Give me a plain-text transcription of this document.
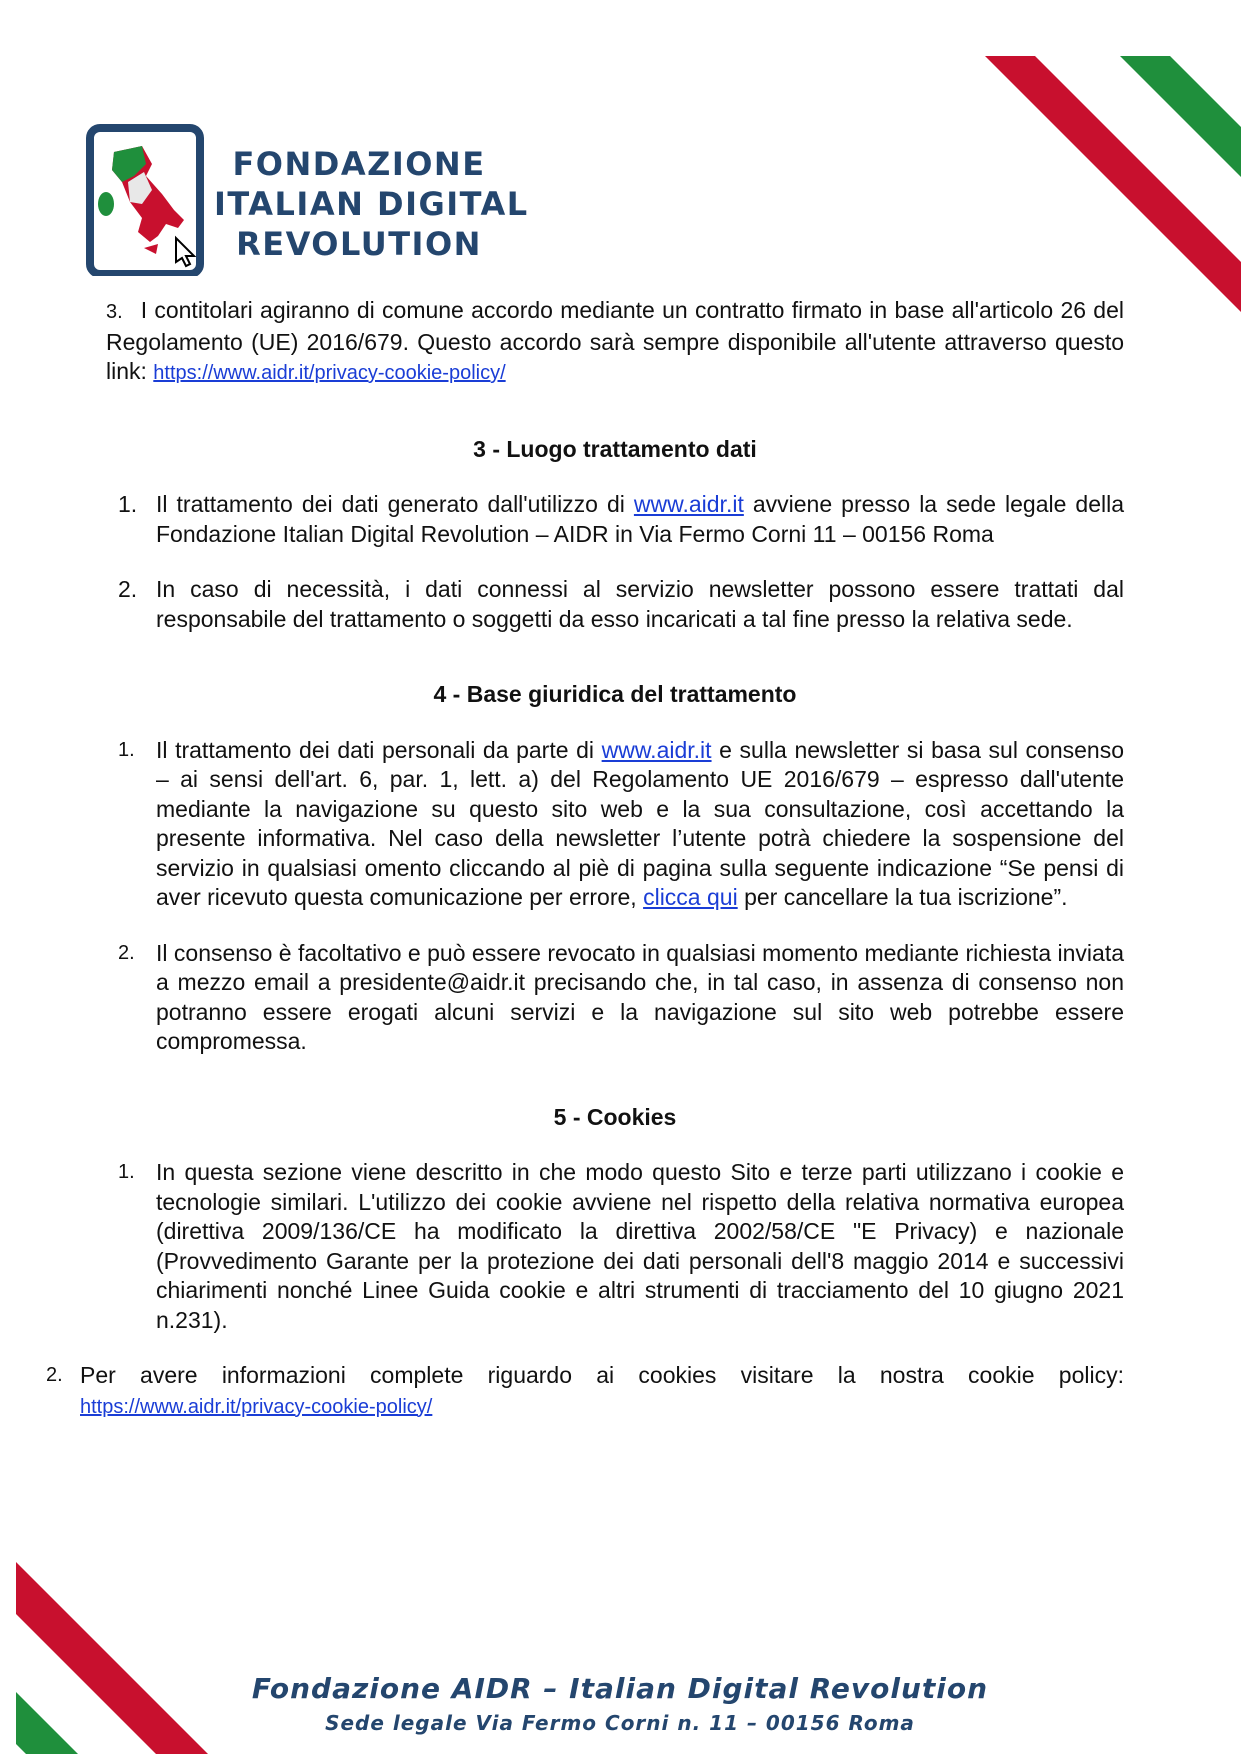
FONDAZIONE
ITALIAN DIGITAL
REVOLUTION
3. I contitolari agiranno di comune accordo mediante un contratto firmato in base all'articolo 26 del Regolamento (UE) 2016/679. Questo accordo sarà sempre disponibile all'utente attraverso questo link: https://www.aidr.it/privacy-cookie-policy/

3 - Luogo trattamento dati

1. Il trattamento dei dati generato dall'utilizzo di www.aidr.it avviene presso la sede legale della Fondazione Italian Digital Revolution – AIDR in Via Fermo Corni 11 – 00156 Roma
2. In caso di necessità, i dati connessi al servizio newsletter possono essere trattati dal responsabile del trattamento o soggetti da esso incaricati a tal fine presso la relativa sede.

4 - Base giuridica del trattamento

1. Il trattamento dei dati personali da parte di www.aidr.it e sulla newsletter si basa sul consenso – ai sensi dell'art. 6, par. 1, lett. a) del Regolamento UE 2016/679 – espresso dall'utente mediante la navigazione su questo sito web e la sua consultazione, così accettando la presente informativa. Nel caso della newsletter l’utente potrà chiedere la sospensione del servizio in qualsiasi omento cliccando al piè di pagina sulla seguente indicazione “Se pensi di aver ricevuto questa comunicazione per errore, clicca qui per cancellare la tua iscrizione”.
2. Il consenso è facoltativo e può essere revocato in qualsiasi momento mediante richiesta inviata a mezzo email a presidente@aidr.it precisando che, in tal caso, in assenza di consenso non potranno essere erogati alcuni servizi e la navigazione sul sito web potrebbe essere compromessa.

5 - Cookies

1. In questa sezione viene descritto in che modo questo Sito e terze parti utilizzano i cookie e tecnologie similari. L'utilizzo dei cookie avviene nel rispetto della relativa normativa europea (direttiva 2009/136/CE ha modificato la direttiva 2002/58/CE "E Privacy) e nazionale (Provvedimento Garante per la protezione dei dati personali dell'8 maggio 2014 e successivi chiarimenti nonché Linee Guida cookie e altri strumenti di tracciamento del 10 giugno 2021 n.231).
2. Per avere informazioni complete riguardo ai cookies visitare la nostra cookie policy: https://www.aidr.it/privacy-cookie-policy/
Fondazione AIDR – Italian Digital Revolution
Sede legale Via Fermo Corni n. 11 – 00156 Roma
